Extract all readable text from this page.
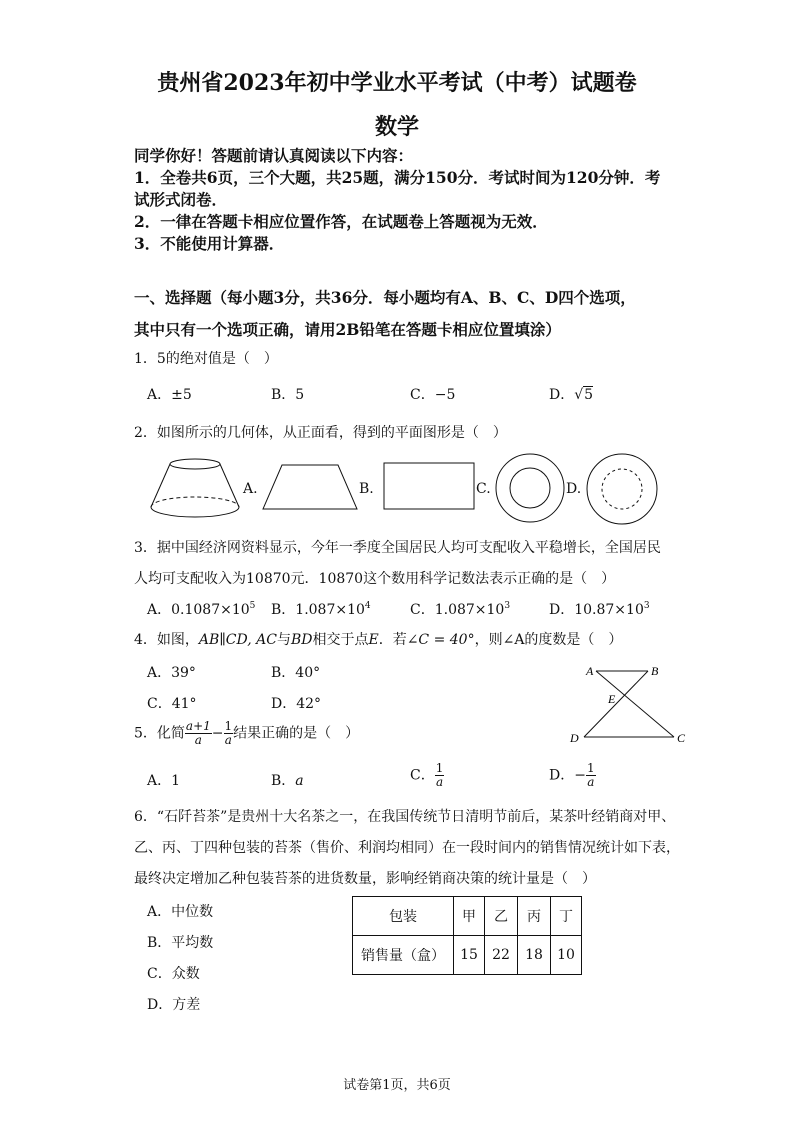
贵州省2023年初中学业水平考试（中考）试题卷
数学
同学你好！答题前请认真阅读以下内容：
1．全卷共6页，三个大题，共25题，满分150分．考试时间为120分钟．考
试形式闭卷．
2．一律在答题卡相应位置作答，在试题卷上答题视为无效．
3．不能使用计算器．
一、选择题（每小题3分，共36分．每小题均有A、B、C、D四个选项，
其中只有一个选项正确，请用2B铅笔在答题卡相应位置填涂）
1．5的绝对值是（　）
A．±5	B．5	C．−5	D．√5
2．如图所示的几何体，从正面看，得到的平面图形是（　）
A.	B.	C.	D.
3．据中国经济网资料显示，今年一季度全国居民人均可支配收入平稳增长，全国居民
人均可支配收入为10870元．10870这个数用科学记数法表示正确的是（　）
A．$0.1087\times 10^5$ B．$1.087\times 10^4$	C．$1.087\times 10^3$	D．$10.87\times 10^3$
4．如图，AB∥CD, AC与BD相交于点E．若∠C = 40°，则∠A的度数是（　）
A．39°	B．40°
C．41°	D．42°
A	B
E
D	C
5．化简 $\frac{a+1}{a} - \frac{1}{a}$ 结果正确的是（　）
A．1	B．a	C． $\frac{1}{a}$	D．− $\frac{1}{a}$
6．“石阡苔茶”是贵州十大名茶之一，在我国传统节日清明节前后，某茶叶经销商对甲、
乙、丙、丁四种包装的苔茶（售价、利润均相同）在一段时间内的销售情况统计如下表，
最终决定增加乙种包装苔茶的进货数量，影响经销商决策的统计量是（　）
A．中位数
B．平均数
C．众数
D．方差
包装	甲	乙	丙	丁
销售量（盒）	15	22	18	10
试卷第1页，共6页
